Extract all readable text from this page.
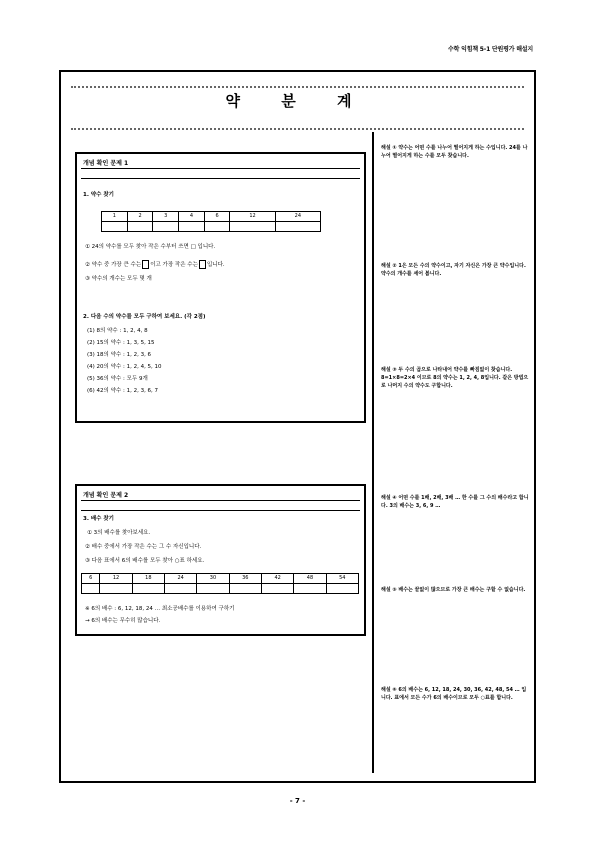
수학 익힘책 5-1 단원평가 해설지
약 분 계
개념 확인 문제 1
1. 약수 찾기
1	2	3	4	6	12	24

① 24의 약수를 모두 찾아 작은 수부터 쓰면 □ 입니다.
② 약수 중 가장 큰 수는 이고 가장 작은 수는 입니다.
③ 약수의 개수는 모두 몇 개
2. 다음 수의 약수를 모두 구하여 보세요. (각 2점)
(1) 8의 약수 : 1, 2, 4, 8
(2) 15의 약수 : 1, 3, 5, 15
(3) 18의 약수 : 1, 2, 3, 6
(4) 20의 약수 : 1, 2, 4, 5, 10
(5) 36의 약수 : 모두 9개
(6) 42의 약수 : 1, 2, 3, 6, 7
개념 확인 문제 2
3. 배수 찾기
① 3의 배수를 찾아보세요.
② 배수 중에서 가장 작은 수는 그 수 자신입니다.
③ 다음 표에서 6의 배수를 모두 찾아 ○표 하세요.
6	12	18	24	30	36	42	48	54

※ 6의 배수 : 6, 12, 18, 24 … 최소공배수를 이용하여 구하기
→ 6의 배수는 무수히 많습니다.
해설 ① 약수는 어떤 수를 나누어 떨어지게 하는 수입니다. 24를 나누어 떨어지게 하는 수를 모두 찾습니다.
해설 ② 1은 모든 수의 약수이고, 자기 자신은 가장 큰 약수입니다. 약수의 개수를 세어 봅니다.
해설 ③ 두 수의 곱으로 나타내어 약수를 빠짐없이 찾습니다. 8=1×8=2×4 이므로 8의 약수는 1, 2, 4, 8입니다. 같은 방법으로 나머지 수의 약수도 구합니다.
해설 ④ 어떤 수를 1배, 2배, 3배 … 한 수를 그 수의 배수라고 합니다. 3의 배수는 3, 6, 9 …
해설 ⑤ 배수는 끝없이 많으므로 가장 큰 배수는 구할 수 없습니다.
해설 ⑥ 6의 배수는 6, 12, 18, 24, 30, 36, 42, 48, 54 … 입니다. 표에서 모든 수가 6의 배수이므로 모두 ○표를 합니다.
- 7 -
